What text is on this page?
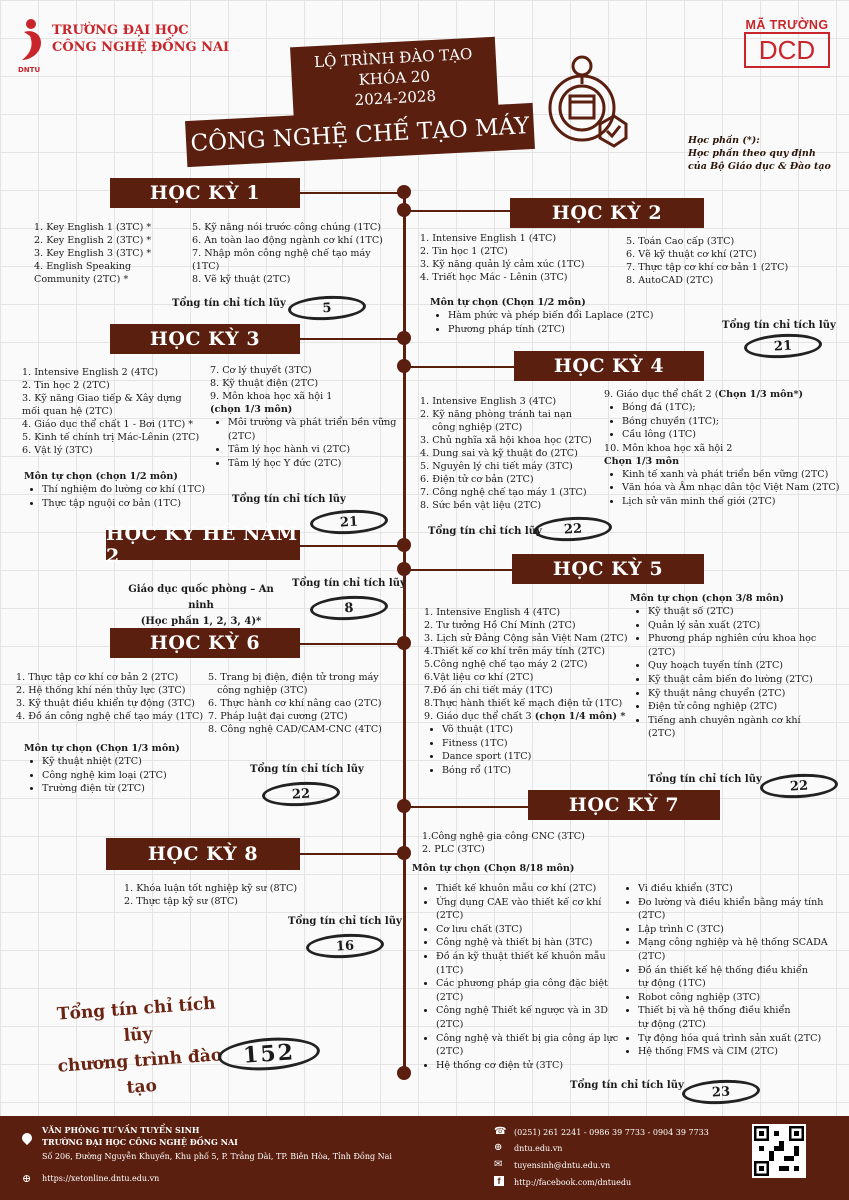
DNTU
TRƯỜNG ĐẠI HỌC
CÔNG NGHỆ ĐỒNG NAI
MÃ TRƯỜNG
DCD
LỘ TRÌNH ĐÀO TẠO
KHÓA 20
2024-2028
CÔNG NGHỆ CHẾ TẠO MÁY	Học phần (*):
Học phần theo quy định
của Bộ Giáo dục & Đào tạo
HỌC KỲ 1
1. Key English 1 (3TC) *
2. Key English 2 (3TC) *
3. Key English 3 (3TC) *
4. English Speaking
Community (2TC) *
5. Kỹ năng nói trước công chúng (1TC)
6. An toàn lao động ngành cơ khí (1TC)
7. Nhập môn công nghệ chế tạo máy
(1TC)
8. Vẽ kỹ thuật (2TC)
Tổng tín chỉ tích lũy	5
HỌC KỲ 2
1. Intensive English 1 (4TC)
2. Tin học 1 (2TC)
3. Kỹ năng quản lý cảm xúc (1TC)
4. Triết học Mác - Lênin (3TC)
5. Toán Cao cấp (3TC)
6. Vẽ kỹ thuật cơ khí (2TC)
7. Thực tập cơ khí cơ bản 1 (2TC)
8. AutoCAD (2TC)
Môn tự chọn (Chọn 1/2 môn)
• Hàm phức và phép biến đổi Laplace (2TC)
• Phương pháp tính (2TC)	Tổng tín chỉ tích lũy
21
HỌC KỲ 3
1. Intensive English 2 (4TC)
2. Tin học 2 (2TC)
3. Kỹ năng Giao tiếp & Xây dựng
mối quan hệ (2TC)
4. Giáo dục thể chất 1 - Bơi (1TC) *
5. Kinh tế chính trị Mác-Lênin (2TC)
6. Vật lý (3TC)
7. Cơ lý thuyết (3TC)
8. Kỹ thuật điện (2TC)
9. Môn khoa học xã hội 1
(chọn 1/3 môn)
• Môi trường và phát triển bền vững
(2TC)
• Tâm lý học hành vi (2TC)
• Tâm lý học Y đức (2TC)
Môn tự chọn (chọn 1/2 môn)
• Thí nghiệm đo lường cơ khí (1TC)
• Thực tập nguội cơ bản (1TC)	Tổng tín chỉ tích lũy
21
HỌC KỲ 4
1. Intensive English 3 (4TC)
2. Kỹ năng phòng tránh tai nạn
công nghiệp (2TC)
3. Chủ nghĩa xã hội khoa học (2TC)
4. Dung sai và kỹ thuật đo (2TC)
5. Nguyên lý chi tiết máy (3TC)
6. Điện tử cơ bản (2TC)
7. Công nghệ chế tạo máy 1 (3TC)
8. Sức bền vật liệu (2TC)
9. Giáo dục thể chất 2 (Chọn 1/3 môn*)
• Bóng đá (1TC);
• Bóng chuyền (1TC);
• Cầu lông (1TC)
10. Môn khoa học xã hội 2
Chọn 1/3 môn
• Kinh tế xanh và phát triển bền vững (2TC)
• Văn hóa và Âm nhạc dân tộc Việt Nam (2TC)
• Lịch sử văn minh thế giới (2TC)
Tổng tín chỉ tích lũy	22
HỌC KỲ HÈ NĂM 2
Giáo dục quốc phòng – An ninh
(Học phần 1, 2, 3, 4)*
Tổng tín chỉ tích lũy
8
HỌC KỲ 5
1. Intensive English 4 (4TC)
2. Tư tưởng Hồ Chí Minh (2TC)
3. Lịch sử Đảng Cộng sản Việt Nam (2TC)
4.Thiết kế cơ khí trên máy tính (2TC)
5.Công nghệ chế tạo máy 2 (2TC)
6.Vật liệu cơ khí (2TC)
7.Đồ án chi tiết máy (1TC)
8.Thực hành thiết kế mạch điện tử (1TC)
9. Giáo dục thể chất 3 (chọn 1/4 môn) *
• Võ thuật (1TC)
• Fitness (1TC)
• Dance sport (1TC)
• Bóng rổ (1TC)
Môn tự chọn (chọn 3/8 môn)
• Kỹ thuật số (2TC)
• Quản lý sản xuất (2TC)
• Phương pháp nghiên cứu khoa học
(2TC)
• Quy hoạch tuyến tính (2TC)
• Kỹ thuật cảm biến đo lường (2TC)
• Kỹ thuật nâng chuyển (2TC)
• Điện tử công nghiệp (2TC)
• Tiếng anh chuyên ngành cơ khí
(2TC)
Tổng tín chỉ tích lũy	22
HỌC KỲ 6
1. Thực tập cơ khí cơ bản 2 (2TC)
2. Hệ thống khí nén thủy lực (3TC)
3. Kỹ thuật điều khiển tự động (3TC)
4. Đồ án công nghệ chế tạo máy (1TC)
5. Trang bị điện, điện tử trong máy
công nghiệp (3TC)
6. Thực hành cơ khí nâng cao (2TC)
7. Pháp luật đại cương (2TC)
8. Công nghệ CAD/CAM-CNC (4TC)
Môn tự chọn (Chọn 1/3 môn)
• Kỹ thuật nhiệt (2TC)
• Công nghệ kim loại (2TC)
• Trường điện từ (2TC)
Tổng tín chỉ tích lũy
22	HỌC KỲ 7
1.Công nghệ gia công CNC (3TC)
2. PLC (3TC)
Môn tự chọn (Chọn 8/18 môn)
• Thiết kế khuôn mẫu cơ khí (2TC)
• Ứng dụng CAE vào thiết kế cơ khí
(2TC)
• Cơ lưu chất (3TC)
• Công nghệ và thiết bị hàn (3TC)
• Đồ án kỹ thuật thiết kế khuôn mẫu
(1TC)
• Các phương pháp gia công đặc biệt
(2TC)
• Công nghệ Thiết kế ngược và in 3D
(2TC)
• Công nghệ và thiết bị gia công áp lực
(2TC)
• Hệ thống cơ điện tử (3TC)
• Vi điều khiển (3TC)
• Đo lường và điều khiển bằng máy tính
(2TC)
• Lập trình C (3TC)
• Mạng công nghiệp và hệ thống SCADA
(2TC)
• Đồ án thiết kế hệ thống điều khiển
tự động (1TC)
• Robot công nghiệp (3TC)
• Thiết bị và hệ thống điều khiển
tự động (2TC)
• Tự động hóa quá trình sản xuất (2TC)
• Hệ thống FMS và CIM (2TC)
Tổng tín chỉ tích lũy	23
HỌC KỲ 8
1. Khóa luận tốt nghiệp kỹ sư (8TC)
2. Thực tập kỹ sư (8TC)
Tổng tín chỉ tích lũy
16
Tổng tín chỉ tích lũy
chương trình đào tạo
152
VĂN PHÒNG TƯ VẤN TUYỂN SINH
TRƯỜNG ĐẠI HỌC CÔNG NGHỆ ĐỒNG NAI
Số 206, Đường Nguyễn Khuyến, Khu phố 5, P. Trảng Dài, TP. Biên Hòa, Tỉnh Đồng Nai
⊕ https://xetonline.dntu.edu.vn
☎ (0251) 261 2241 - 0986 39 7733 - 0904 39 7733
⊕ dntu.edu.vn
✉ tuyensinh@dntu.edu.vn
f	http://facebook.com/dntuedu
